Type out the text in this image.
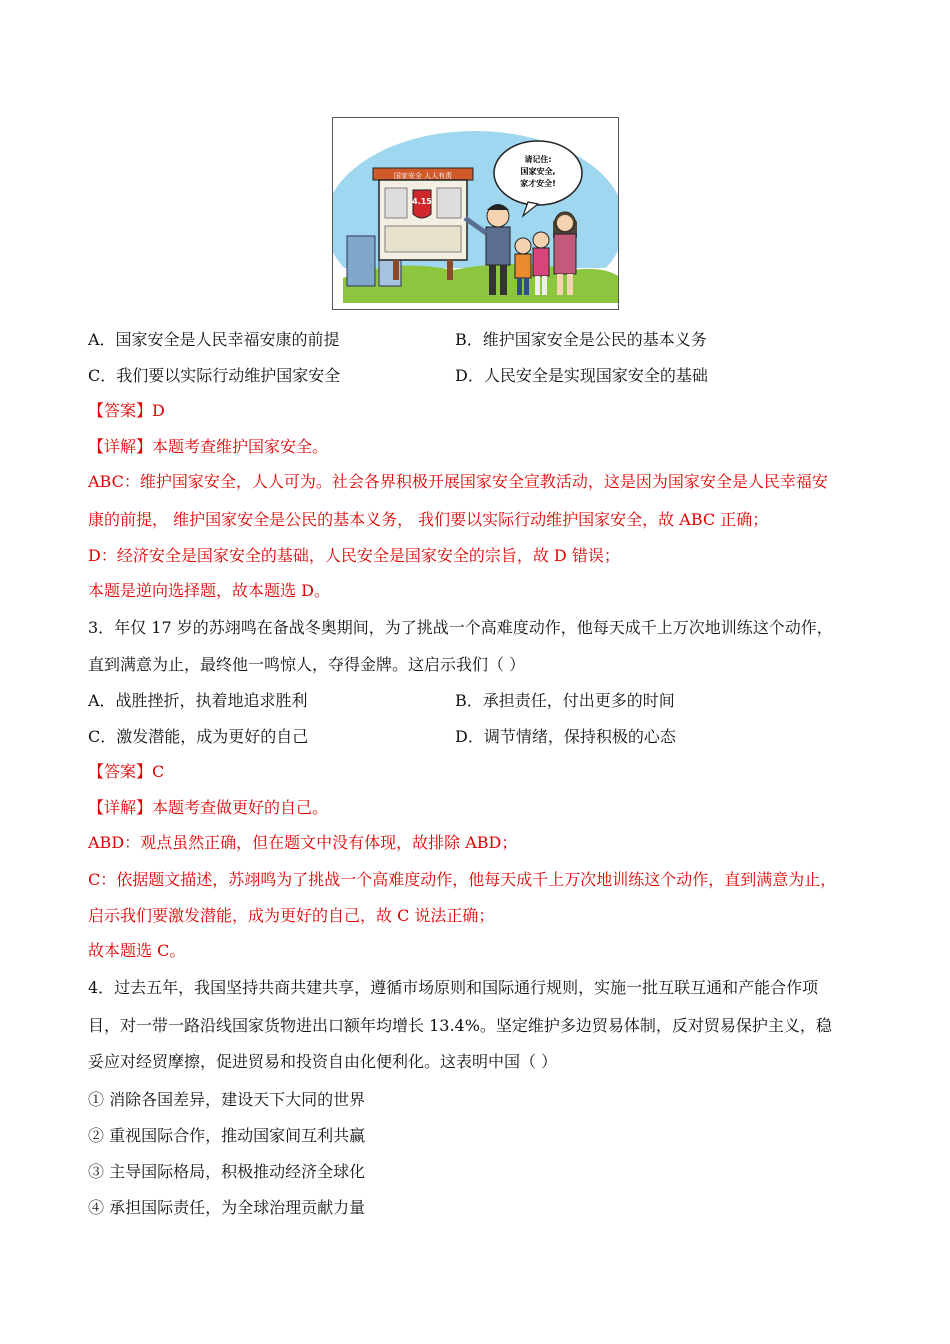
国家安全 人人有责
4.15
请记住:
国家安全,
家才安全!
A．国家安全是人民幸福安康的前提	B．维护国家安全是公民的基本义务
C．我们要以实际行动维护国家安全	D．人民安全是实现国家安全的基础
【答案】D
【详解】本题考查维护国家安全。
ABC：维护国家安全，人人可为。社会各界积极开展国家安全宣教活动，这是因为国家安全是人民幸福安
康的前提， 维护国家安全是公民的基本义务， 我们要以实际行动维护国家安全，故 ABC 正确；
D：经济安全是国家安全的基础，人民安全是国家安全的宗旨，故 D 错误；
本题是逆向选择题，故本题选 D。
3．年仅 17 岁的苏翊鸣在备战冬奥期间，为了挑战一个高难度动作，他每天成千上万次地训练这个动作，
直到满意为止，最终他一鸣惊人，夺得金牌。这启示我们（ ）
A．战胜挫折，执着地追求胜利	B．承担责任，付出更多的时间
C．激发潜能，成为更好的自己	D．调节情绪，保持积极的心态
【答案】C
【详解】本题考查做更好的自己。
ABD：观点虽然正确，但在题文中没有体现，故排除 ABD；
C：依据题文描述，苏翊鸣为了挑战一个高难度动作，他每天成千上万次地训练这个动作，直到满意为止，
启示我们要激发潜能，成为更好的自己，故 C 说法正确；
故本题选 C。
4．过去五年，我国坚持共商共建共享，遵循市场原则和国际通行规则，实施一批互联互通和产能合作项
目，对一带一路沿线国家货物进出口额年均增长 13.4%。坚定维护多边贸易体制，反对贸易保护主义，稳
妥应对经贸摩擦，促进贸易和投资自由化便利化。这表明中国（ ）
① 消除各国差异，建设天下大同的世界
② 重视国际合作，推动国家间互利共赢
③ 主导国际格局，积极推动经济全球化
④ 承担国际责任，为全球治理贡献力量
